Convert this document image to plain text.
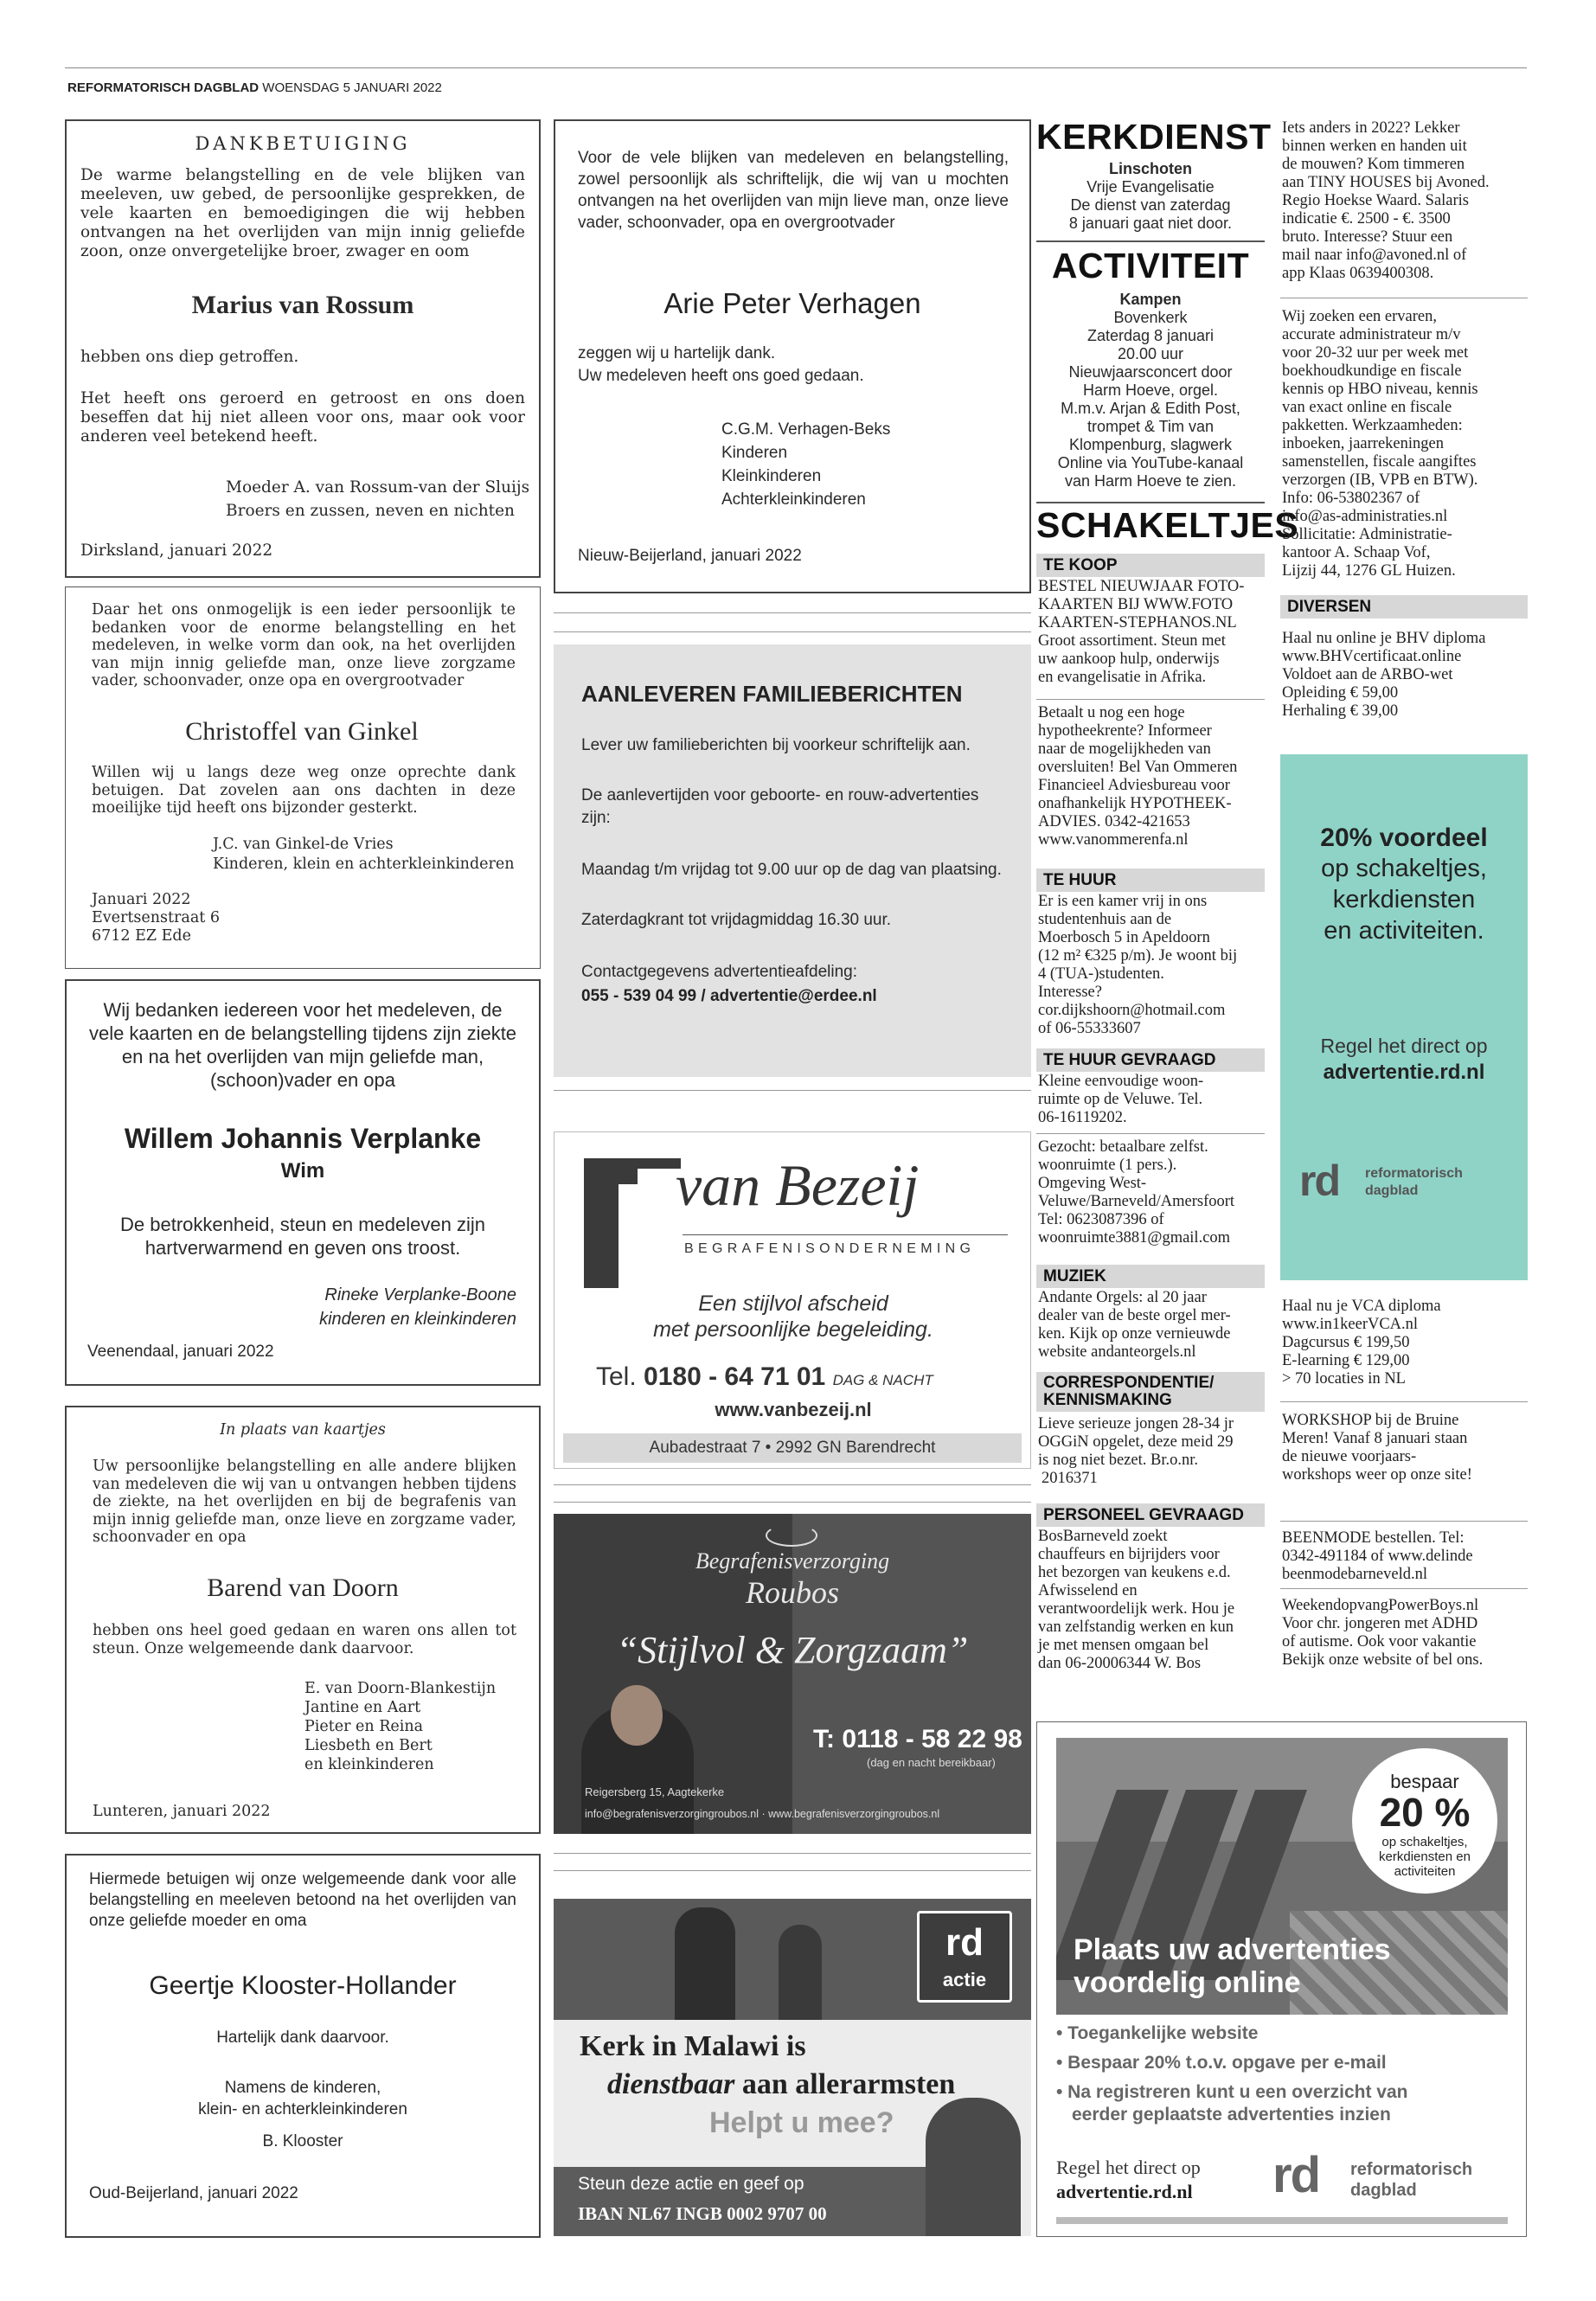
REFORMATORISCH DAGBLAD WOENSDAG 5 JANUARI 2022
DANKBETUIGING
De warme belangstelling en de vele blijken van meeleven, uw gebed, de persoonlijke gesprekken, de vele kaarten en bemoedigingen die wij hebben ontvangen na het overlijden van mijn innig geliefde zoon, onze onvergetelijke broer, zwager en oom
Marius van Rossum
hebben ons diep getroffen.
Het heeft ons geroerd en getroost en ons doen beseffen dat hij niet alleen voor ons, maar ook voor anderen veel betekend heeft.
Moeder A. van Rossum-van der Sluijs
Broers en zussen, neven en nichten
Dirksland, januari 2022
Daar het ons onmogelijk is een ieder persoonlijk te bedanken voor de enorme belangstelling en het medeleven, in welke vorm dan ook, na het overlijden van mijn innig geliefde man, onze lieve zorgzame vader, schoonvader, onze opa en overgrootvader
Christoffel van Ginkel
Willen wij u langs deze weg onze oprechte dank betuigen. Dat zovelen aan ons dachten in deze moeilijke tijd heeft ons bijzonder gesterkt.
J.C. van Ginkel-de Vries
Kinderen, klein en achterkleinkinderen
Januari 2022
Evertsenstraat 6
6712 EZ Ede
Wij bedanken iedereen voor het medeleven, de vele kaarten en de belangstelling tijdens zijn ziekte en na het overlijden van mijn geliefde man, (schoon)vader en opa
Willem Johannis Verplanke
Wim
De betrokkenheid, steun en medeleven zijn hartverwarmend en geven ons troost.
Rineke Verplanke-Boone
kinderen en kleinkinderen
Veenendaal, januari 2022
In plaats van kaartjes
Uw persoonlijke belangstelling en alle andere blijken van medeleven die wij van u ontvangen hebben tijdens de ziekte, na het overlijden en bij de begrafenis van mijn innig geliefde man, onze lieve en zorgzame vader, schoonvader en opa
Barend van Doorn
hebben ons heel goed gedaan en waren ons allen tot steun. Onze welgemeende dank daarvoor.
E. van Doorn-Blankestijn
Jantine en Aart
Pieter en Reina
Liesbeth en Bert
en kleinkinderen
Lunteren, januari 2022
Hiermede betuigen wij onze welgemeende dank voor alle belangstelling en meeleven betoond na het overlijden van onze geliefde moeder en oma
Geertje Klooster-Hollander
Hartelijk dank daarvoor.
Namens de kinderen,
klein- en achterkleinkinderen
B. Klooster
Oud-Beijerland, januari 2022
Voor de vele blijken van medeleven en belangstelling, zowel persoonlijk als schriftelijk, die wij van u mochten ontvangen na het overlijden van mijn lieve man, onze lieve vader, schoonvader, opa en overgrootvader
Arie Peter Verhagen
zeggen wij u hartelijk dank.
Uw medeleven heeft ons goed gedaan.
C.G.M. Verhagen-Beks
Kinderen
Kleinkinderen
Achterkleinkinderen
Nieuw-Beijerland, januari 2022
AANLEVEREN FAMILIEBERICHTEN
Lever uw familieberichten bij voorkeur schriftelijk aan.
De aanlevertijden voor geboorte- en rouw-advertenties zijn:
Maandag t/m vrijdag tot 9.00 uur op de dag van plaatsing.
Zaterdagkrant tot vrijdagmiddag 16.30 uur.
Contactgegevens advertentieafdeling:
055 - 539 04 99 / advertentie@erdee.nl
van Bezeij
BEGRAFENISONDERNEMING
Een stijlvol afscheid
met persoonlijke begeleiding.
Tel. 0180 - 64 71 01 DAG & NACHT
www.vanbezeij.nl
Aubadestraat 7 • 2992 GN Barendrecht
Begrafenisverzorging
Roubos
“Stijlvol & Zorgzaam”
T: 0118 - 58 22 98
(dag en nacht bereikbaar)
Reigersberg 15, Aagtekerke
info@begrafenisverzorgingroubos.nl · www.begrafenisverzorgingroubos.nl
rd
actie
Kerk in Malawi is
dienstbaar aan allerarmsten
Helpt u mee?
Steun deze actie en geef op
IBAN NL67 INGB 0002 9707 00
KERKDIENST
Linschoten
Vrije Evangelisatie
De dienst van zaterdag
8 januari gaat niet door.
ACTIVITEIT
Kampen
Bovenkerk
Zaterdag 8 januari
20.00 uur
Nieuwjaarsconcert door
Harm Hoeve, orgel.
M.m.v. Arjan & Edith Post,
trompet & Tim van
Klompenburg, slagwerk
Online via YouTube-kanaal
van Harm Hoeve te zien.
SCHAKELTJES
TE KOOP
BESTEL NIEUWJAAR FOTO-
KAARTEN BIJ WWW.FOTO
KAARTEN-STEPHANOS.NL
Groot assortiment. Steun met
uw aankoop hulp, onderwijs
en evangelisatie in Afrika.
Betaalt u nog een hoge
hypotheekrente? Informeer
naar de mogelijkheden van
oversluiten! Bel Van Ommeren
Financieel Adviesbureau voor
onafhankelijk HYPOTHEEK-
ADVIES. 0342-421653
www.vanommerenfa.nl
TE HUUR
Er is een kamer vrij in ons
studentenhuis aan de
Moerbosch 5 in Apeldoorn
(12 m² €325 p/m). Je woont bij
4 (TUA-)studenten.
Interesse?
cor.dijkshoorn@hotmail.com
of 06-55333607
TE HUUR GEVRAAGD
Kleine eenvoudige woon-
ruimte op de Veluwe. Tel.
06-16119202.
Gezocht: betaalbare zelfst.
woonruimte (1 pers.).
Omgeving West-
Veluwe/Barneveld/Amersfoort
Tel: 0623087396 of
woonruimte3881@gmail.com
MUZIEK
Andante Orgels: al 20 jaar
dealer van de beste orgel mer-
ken. Kijk op onze vernieuwde
website andanteorgels.nl
CORRESPONDENTIE/
KENNISMAKING
Lieve serieuze jongen 28-34 jr
OGGiN opgelet, deze meid 29
is nog niet bezet. Br.o.nr.
2016371
PERSONEEL GEVRAAGD
BosBarneveld zoekt
chauffeurs en bijrijders voor
het bezorgen van keukens e.d.
Afwisselend en
verantwoordelijk werk. Hou je
van zelfstandig werken en kun
je met mensen omgaan bel
dan 06-20006344 W. Bos
Iets anders in 2022? Lekker
binnen werken en handen uit
de mouwen? Kom timmeren
aan TINY HOUSES bij Avoned.
Regio Hoekse Waard. Salaris
indicatie €. 2500 - €. 3500
bruto. Interesse? Stuur een
mail naar info@avoned.nl of
app Klaas 0639400308.
Wij zoeken een ervaren,
accurate administrateur m/v
voor 20-32 uur per week met
boekhoudkundige en fiscale
kennis op HBO niveau, kennis
van exact online en fiscale
pakketten. Werkzaamheden:
inboeken, jaarrekeningen
samenstellen, fiscale aangiftes
verzorgen (IB, VPB en BTW).
Info: 06-53802367 of
info@as-administraties.nl
Sollicitatie: Administratie-
kantoor A. Schaap Vof,
Lijzij 44, 1276 GL Huizen.
DIVERSEN
Haal nu online je BHV diploma
www.BHVcertificaat.online
Voldoet aan de ARBO-wet
Opleiding € 59,00
Herhaling € 39,00
20% voordeel
op schakeltjes,
kerkdiensten
en activiteiten.
Regel het direct op
advertentie.rd.nl
rd reformatorisch
dagblad
Haal nu je VCA diploma
www.in1keerVCA.nl
Dagcursus € 199,50
E-learning € 129,00
> 70 locaties in NL
WORKSHOP bij de Bruine
Meren! Vanaf 8 januari staan
de nieuwe voorjaars-
workshops weer op onze site!
BEENMODE bestellen. Tel:
0342-491184 of www.delinde
beenmodebarneveld.nl
WeekendopvangPowerBoys.nl
Voor chr. jongeren met ADHD
of autisme. Ook voor vakantie
Bekijk onze website of bel ons.
bespaar
20 %
op schakeltjes,
kerkdiensten en
activiteiten
Plaats uw advertenties
voordelig online
• Toegankelijke website
• Bespaar 20% t.o.v. opgave per e-mail
• Na registreren kunt u een overzicht van
eerder geplaatste advertenties inzien
Regel het direct op
advertentie.rd.nl rd reformatorisch
dagblad
